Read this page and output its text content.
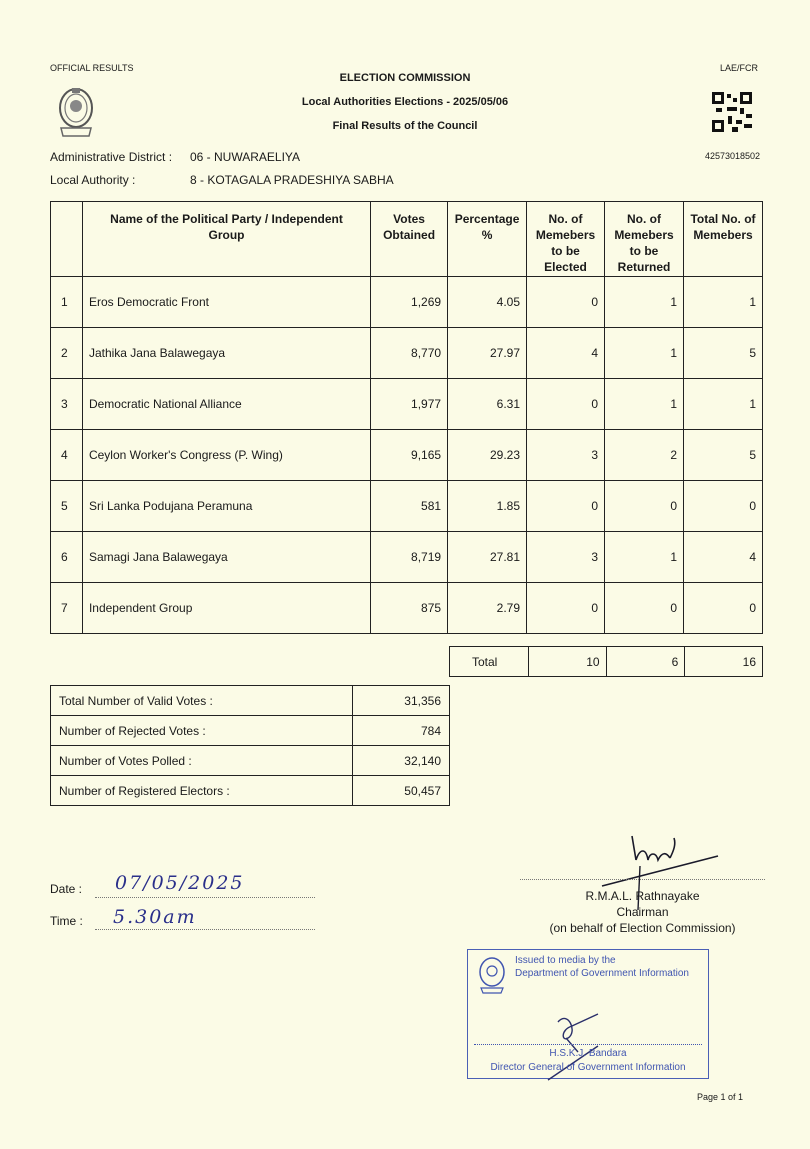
OFFICIAL RESULTS	LAE/FCR
ELECTION COMMISSION
Local Authorities Elections - 2025/05/06
Final Results of the Council
42573018502
Administrative District : 06 - NUWARAELIYA
Local Authority :	8 - KOTAGALA PRADESHIYA SABHA
	Name of the Political Party / Independent Group	Votes Obtained	Percentage %	No. of Memebers to be Elected	No. of Memebers to be Returned	Total No. of Memebers
1	Eros Democratic Front	1,269	4.05	0	1	1
2	Jathika Jana Balawegaya	8,770	27.97	4	1	5
3	Democratic National Alliance	1,977	6.31	0	1	1
4	Ceylon Worker's Congress (P. Wing)	9,165	29.23	3	2	5
5	Sri Lanka Podujana Peramuna	581	1.85	0	0	0
6	Samagi Jana Balawegaya	8,719	27.81	3	1	4
7	Independent Group	875	2.79	0	0	0
Total	10	6	16
Total Number of Valid Votes :	31,356
Number of Rejected Votes :	784
Number of Votes Polled :	32,140
Number of Registered Electors :	50,457
Date : 07/05/2025
Time : 5.30am
R.M.A.L. Rathnayake
Chairman
(on behalf of Election Commission)
Issued to media by the
Department of Government Information
H.S.K.J. Bandara
Director General of Government Information
Page 1 of 1
